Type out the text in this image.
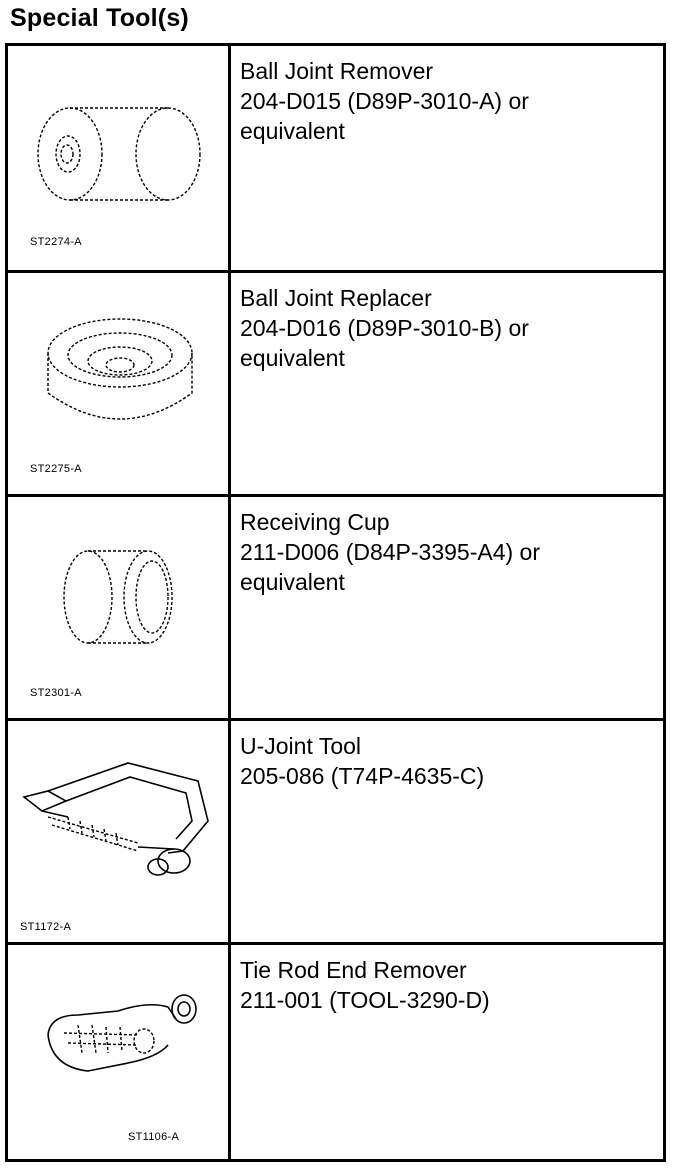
Special Tool(s)
ST2274-A
Ball Joint Remover
204-D015 (D89P-3010-A) or
equivalent
ST2275-A
Ball Joint Replacer
204-D016 (D89P-3010-B) or
equivalent
ST2301-A
Receiving Cup
211-D006 (D84P-3395-A4) or
equivalent
ST1172-A
U-Joint Tool
205-086 (T74P-4635-C)
ST1106-A
Tie Rod End Remover
211-001 (TOOL-3290-D)
